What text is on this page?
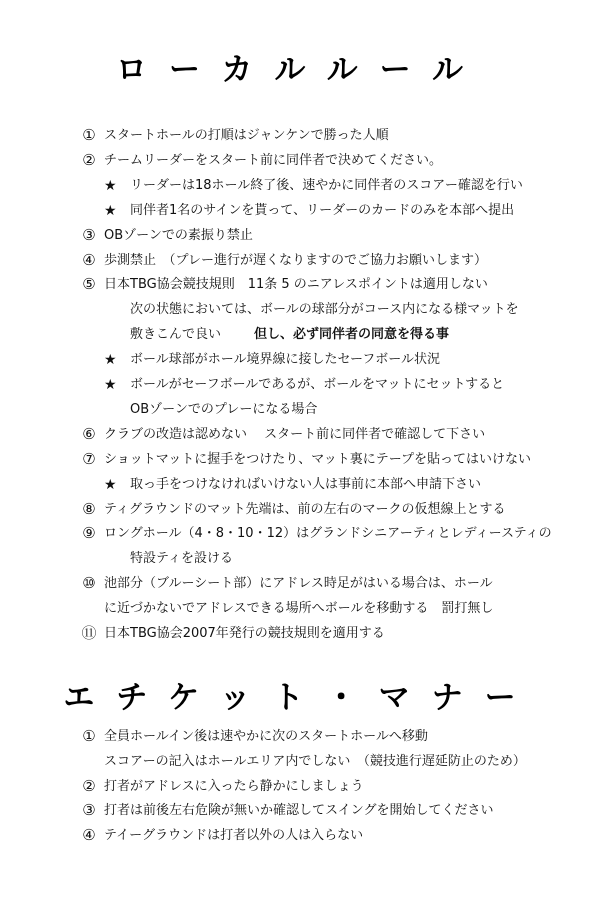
ローカルルール
① スタートホールの打順はジャンケンで勝った人順
② チームリーダーをスタート前に同伴者で決めてください。
★ リーダーは18ホール終了後、速やかに同伴者のスコアー確認を行い
★ 同伴者1名のサインを貰って、リーダーのカードのみを本部へ提出
③ OBゾーンでの素振り禁止
④ 歩測禁止　（プレー進行が遅くなりますのでご協力お願いします）
⑤ 日本TBG協会競技規則　11条 5 のニアレスポイントは適用しない
次の状態においては、ボールの球部分がコース内になる様マットを
敷きこんで良い	但し、必ず同伴者の同意を得る事
★ ボール球部がホール境界線に接したセーフボール状況
★ ボールがセーフボールであるが、ボールをマットにセットすると
OBゾーンでのプレーになる場合
⑥ クラブの改造は認めない　 スタート前に同伴者で確認して下さい
⑦ ショットマットに握手をつけたり、マット裏にテープを貼ってはいけない
★ 取っ手をつけなければいけない人は事前に本部へ申請下さい
⑧ ティグラウンドのマット先端は、前の左右のマークの仮想線上とする
⑨ ロングホール（4・8・10・12）はグランドシニアーティとレディースティの
特設ティを設ける
⑩ 池部分（ブルーシート部）にアドレス時足がはいる場合は、ホール
に近づかないでアドレスできる場所へボールを移動する　罰打無し
⑪ 日本TBG協会2007年発行の競技規則を適用する
エチケット・マナー
① 全員ホールイン後は速やかに次のスタートホールへ移動
スコアーの記入はホールエリア内でしない　（競技進行遅延防止のため）
② 打者がアドレスに入ったら静かにしましょう
③ 打者は前後左右危険が無いか確認してスイングを開始してください
④ テイーグラウンドは打者以外の人は入らない
